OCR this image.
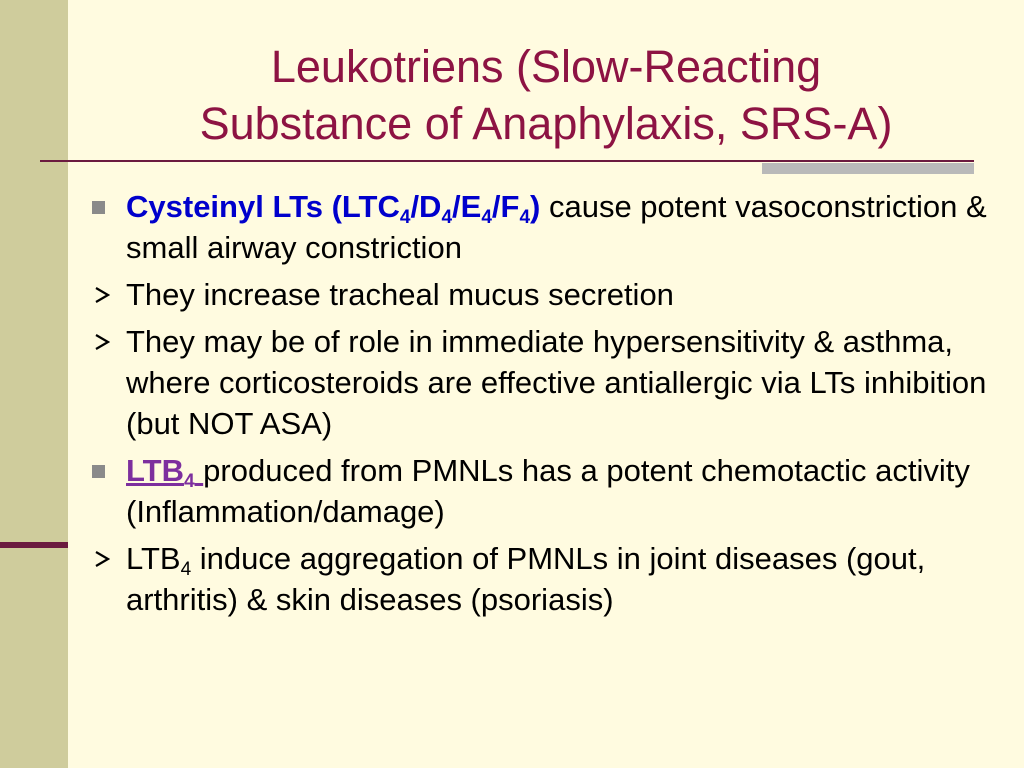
Leukotriens (Slow-Reacting
Substance of Anaphylaxis, SRS-A)
Cysteinyl LTs $(LTC_4/D_4/E_4/F_4)$ cause potent vasoconstriction & small airway constriction
They increase tracheal mucus secretion
They may be of role in immediate hypersensitivity & asthma, where corticosteroids are effective antiallergic via LTs inhibition (but NOT ASA)
$LTB_4$ produced from PMNLs has a potent chemotactic activity (Inflammation/damage)
$LTB_4$ induce aggregation of PMNLs in joint diseases (gout, arthritis) & skin diseases (psoriasis)
